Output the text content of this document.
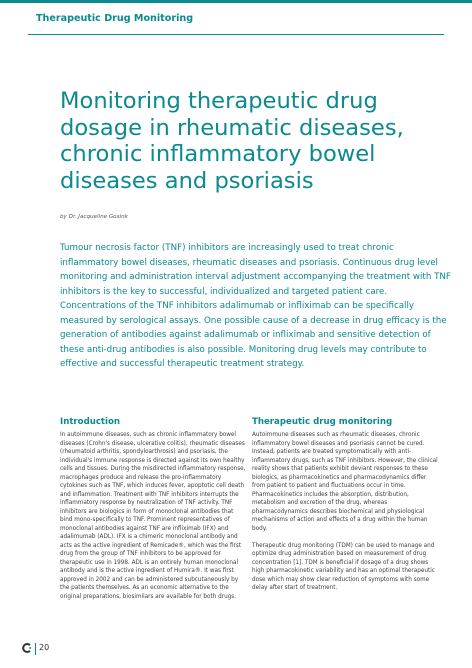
Therapeutic Drug Monitoring
Monitoring therapeutic drug dosage in rheumatic diseases, chronic inflammatory bowel diseases and psoriasis
by Dr. Jacqueline Gosink

Tumour necrosis factor (TNF) inhibitors are increasingly used to treat chronic inflammatory bowel diseases, rheumatic diseases and psoriasis. Continuous drug level monitoring and administration interval adjustment accompanying the treatment with TNF inhibitors is the key to successful, individualized and targeted patient care. Concentrations of the TNF inhibitors adalimumab or infliximab can be specifically measured by serological assays. One possible cause of a decrease in drug efficacy is the generation of antibodies against adalimumab or infliximab and sensitive detection of these anti-drug antibodies is also possible. Monitoring drug levels may contribute to effective and successful therapeutic treatment strategy.

Introduction

In autoimmune diseases, such as chronic inflammatory bowel diseases (Crohn's disease, ulcerative colitis), rheumatic diseases (rheumatoid arthritis, spondyloarthrosis) and psoriasis, the individual's immune response is directed against its own healthy cells and tissues. During the misdirected inflammatory response, macrophages produce and release the pro-inflammatory cytokines such as TNF, which induces fever, apoptotic cell death and inflammation. Treatment with TNF inhibitors interrupts the inflammatory response by neutralization of TNF activity. TNF inhibitors are biologics in form of monoclonal antibodies that bind mono-specifically to TNF. Prominent representatives of monoclonal antibodies against TNF are infliximab (IFX) and adalimumab (ADL). IFX is a chimeric monoclonal antibody and acts as the active ingredient of Remicade®, which was the first drug from the group of TNF inhibitors to be approved for therapeutic use in 1998. ADL is an entirely human monoclonal antibody and is the active ingredient of Humira®. It was first approved in 2002 and can be administered subcutaneously by the patients themselves. As an economic alternative to the original preparations, biosimilars are available for both drugs.

Therapeutic drug monitoring

Autoimmune diseases such as rheumatic diseases, chronic inflammatory bowel diseases and psoriasis cannot be cured. Instead, patients are treated symptomatically with anti-inflammatory drugs, such as TNF inhibitors. However, the clinical reality shows that patients exhibit deviant responses to these biologics, as pharmacokinetics and pharmacodynamics differ from patient to patient and fluctuations occur in time. Pharmacokinetics includes the absorption, distribution, metabolism and excretion of the drug, whereas pharmacodynamics describes biochemical and physiological mechanisms of action and effects of a drug within the human body.

Therapeutic drug monitoring (TDM) can be used to manage and optimize drug administration based on measurement of drug concentration [1]. TDM is beneficial if dosage of a drug shows high pharmacokinetic variability and has an optimal therapeutic dose which may show clear reduction of symptoms with some delay after start of treatment.

20
